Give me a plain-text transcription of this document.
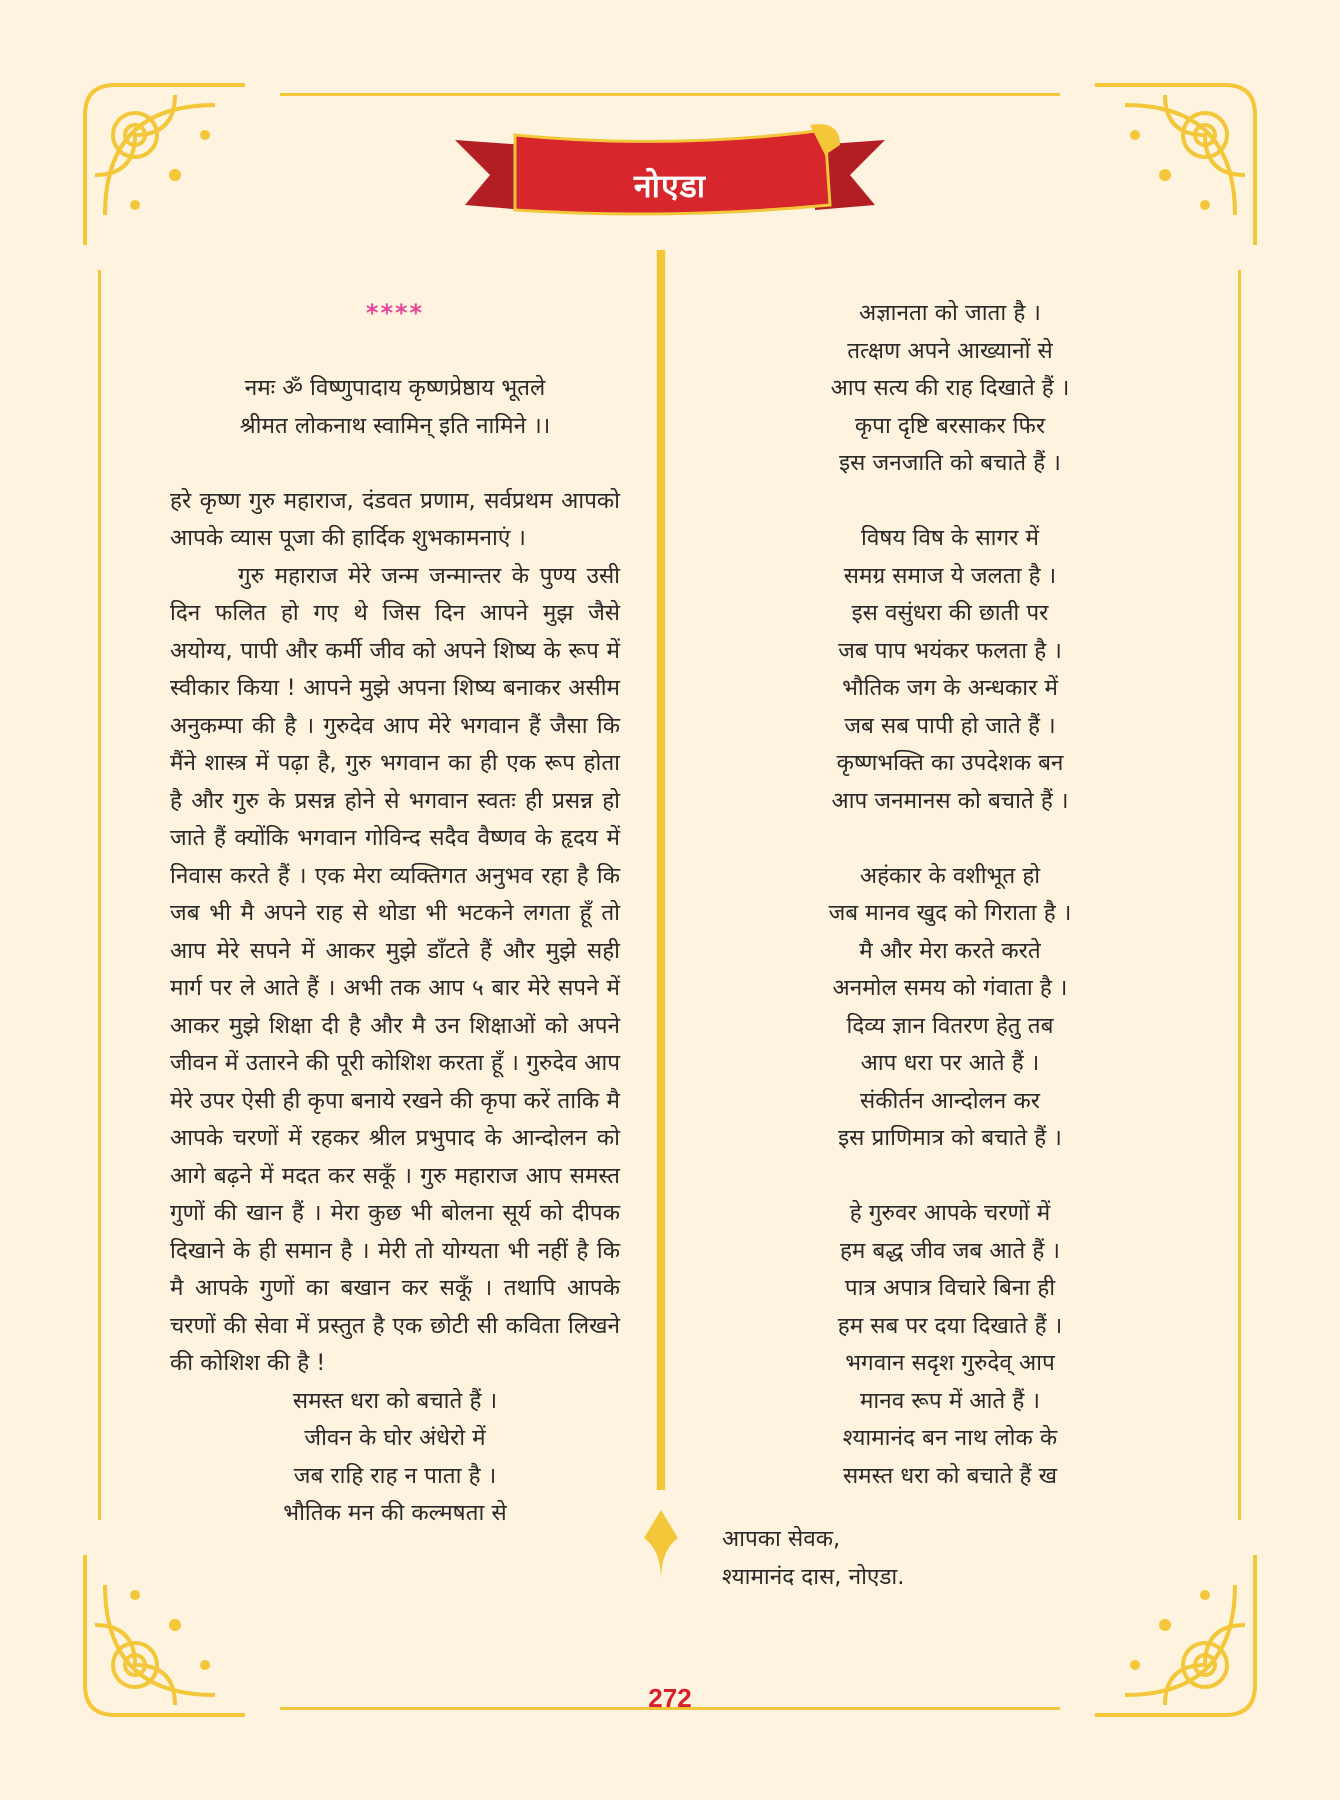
नोएडा
****
नमः ॐ विष्णुपादाय कृष्णप्रेष्ठाय भूतले
श्रीमत लोकनाथ स्वामिन् इति नामिने ।।

हरे कृष्ण गुरु महाराज, दंडवत प्रणाम, सर्वप्रथम आपको आपके व्यास पूजा की हार्दिक शुभकामनाएं ।

गुरु महाराज मेरे जन्म जन्मान्तर के पुण्य उसी दिन फलित हो गए थे जिस दिन आपने मुझ जैसे अयोग्य, पापी और कर्मी जीव को अपने शिष्य के रूप में स्वीकार किया ! आपने मुझे अपना शिष्य बनाकर असीम अनुकम्पा की है । गुरुदेव आप मेरे भगवान हैं जैसा कि मैंने शास्त्र में पढ़ा है, गुरु भगवान का ही एक रूप होता है और गुरु के प्रसन्न होने से भगवान स्वतः ही प्रसन्न हो जाते हैं क्योंकि भगवान गोविन्द सदैव वैष्णव के हृदय में निवास करते हैं । एक मेरा व्यक्तिगत अनुभव रहा है कि जब भी मै अपने राह से थोडा भी भटकने लगता हूँ तो आप मेरे सपने में आकर मुझे डाँटते हैं और मुझे सही मार्ग पर ले आते हैं । अभी तक आप ५ बार मेरे सपने में आकर मुझे शिक्षा दी है और मै उन शिक्षाओं को अपने जीवन में उतारने की पूरी कोशिश करता हूँ । गुरुदेव आप मेरे उपर ऐसी ही कृपा बनाये रखने की कृपा करें ताकि मै आपके चरणों में रहकर श्रील प्रभुपाद के आन्दोलन को आगे बढ़ने में मदत कर सकूँ । गुरु महाराज आप समस्त गुणों की खान हैं । मेरा कुछ भी बोलना सूर्य को दीपक दिखाने के ही समान है । मेरी तो योग्यता भी नहीं है कि मै आपके गुणों का बखान कर सकूँ । तथापि आपके चरणों की सेवा में प्रस्तुत है एक छोटी सी कविता लिखने की कोशिश की है !

समस्त धरा को बचाते हैं ।
जीवन के घोर अंधेरो में
जब राहि राह न पाता है ।
भौतिक मन की कल्मषता से
अज्ञानता को जाता है ।
तत्क्षण अपने आख्यानों से
आप सत्य की राह दिखाते हैं ।
कृपा दृष्टि बरसाकर फिर
इस जनजाति को बचाते हैं ।
विषय विष के सागर में
समग्र समाज ये जलता है ।
इस वसुंधरा की छाती पर
जब पाप भयंकर फलता है ।
भौतिक जग के अन्धकार में
जब सब पापी हो जाते हैं ।
कृष्णभक्ति का उपदेशक बन
आप जनमानस को बचाते हैं ।
अहंकार के वशीभूत हो
जब मानव खुद को गिराता है ।
मै और मेरा करते करते
अनमोल समय को गंवाता है ।
दिव्य ज्ञान वितरण हेतु तब
आप धरा पर आते हैं ।
संकीर्तन आन्दोलन कर
इस प्राणिमात्र को बचाते हैं ।
हे गुरुवर आपके चरणों में
हम बद्ध जीव जब आते हैं ।
पात्र अपात्र विचारे बिना ही
हम सब पर दया दिखाते हैं ।
भगवान सदृश गुरुदेव् आप
मानव रूप में आते हैं ।
श्यामानंद बन नाथ लोक के
समस्त धरा को बचाते हैं ख
आपका सेवक,
श्यामानंद दास, नोएडा.
272
